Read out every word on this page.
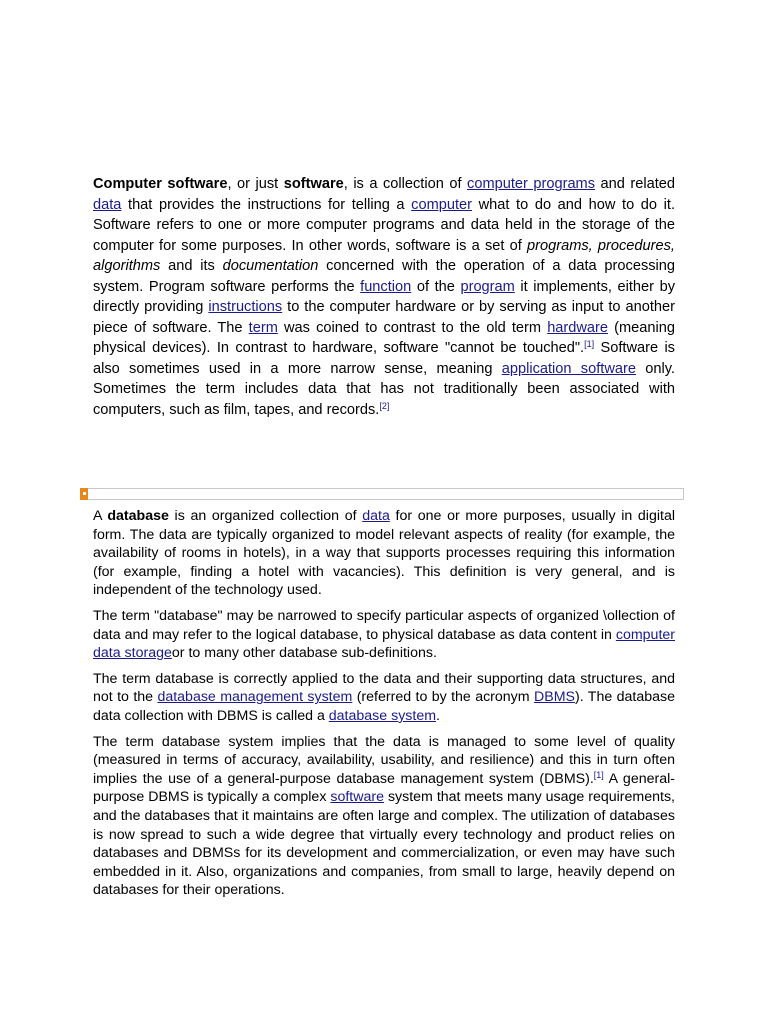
Computer software, or just software, is a collection of computer programs and related data that provides the instructions for telling a computer what to do and how to do it. Software refers to one or more computer programs and data held in the storage of the computer for some purposes. In other words, software is a set of programs, procedures, algorithms and its documentation concerned with the operation of a data processing system. Program software performs the function of the program it implements, either by directly providing instructions to the computer hardware or by serving as input to another piece of software. The term was coined to contrast to the old term hardware (meaning physical devices). In contrast to hardware, software "cannot be touched".[1] Software is also sometimes used in a more narrow sense, meaning application software only. Sometimes the term includes data that has not traditionally been associated with computers, such as film, tapes, and records.[2]

A database is an organized collection of data for one or more purposes, usually in digital form. The data are typically organized to model relevant aspects of reality (for example, the availability of rooms in hotels), in a way that supports processes requiring this information (for example, finding a hotel with vacancies). This definition is very general, and is independent of the technology used.

The term "database" may be narrowed to specify particular aspects of organized \ollection of data and may refer to the logical database, to physical database as data content in computer data storageor to many other database sub-definitions.

The term database is correctly applied to the data and their supporting data structures, and not to the database management system (referred to by the acronym DBMS). The database data collection with DBMS is called a database system.

The term database system implies that the data is managed to some level of quality (measured in terms of accuracy, availability, usability, and resilience) and this in turn often implies the use of a general-purpose database management system (DBMS).[1] A general-purpose DBMS is typically a complex software system that meets many usage requirements, and the databases that it maintains are often large and complex. The utilization of databases is now spread to such a wide degree that virtually every technology and product relies on databases and DBMSs for its development and commercialization, or even may have such embedded in it. Also, organizations and companies, from small to large, heavily depend on databases for their operations.
